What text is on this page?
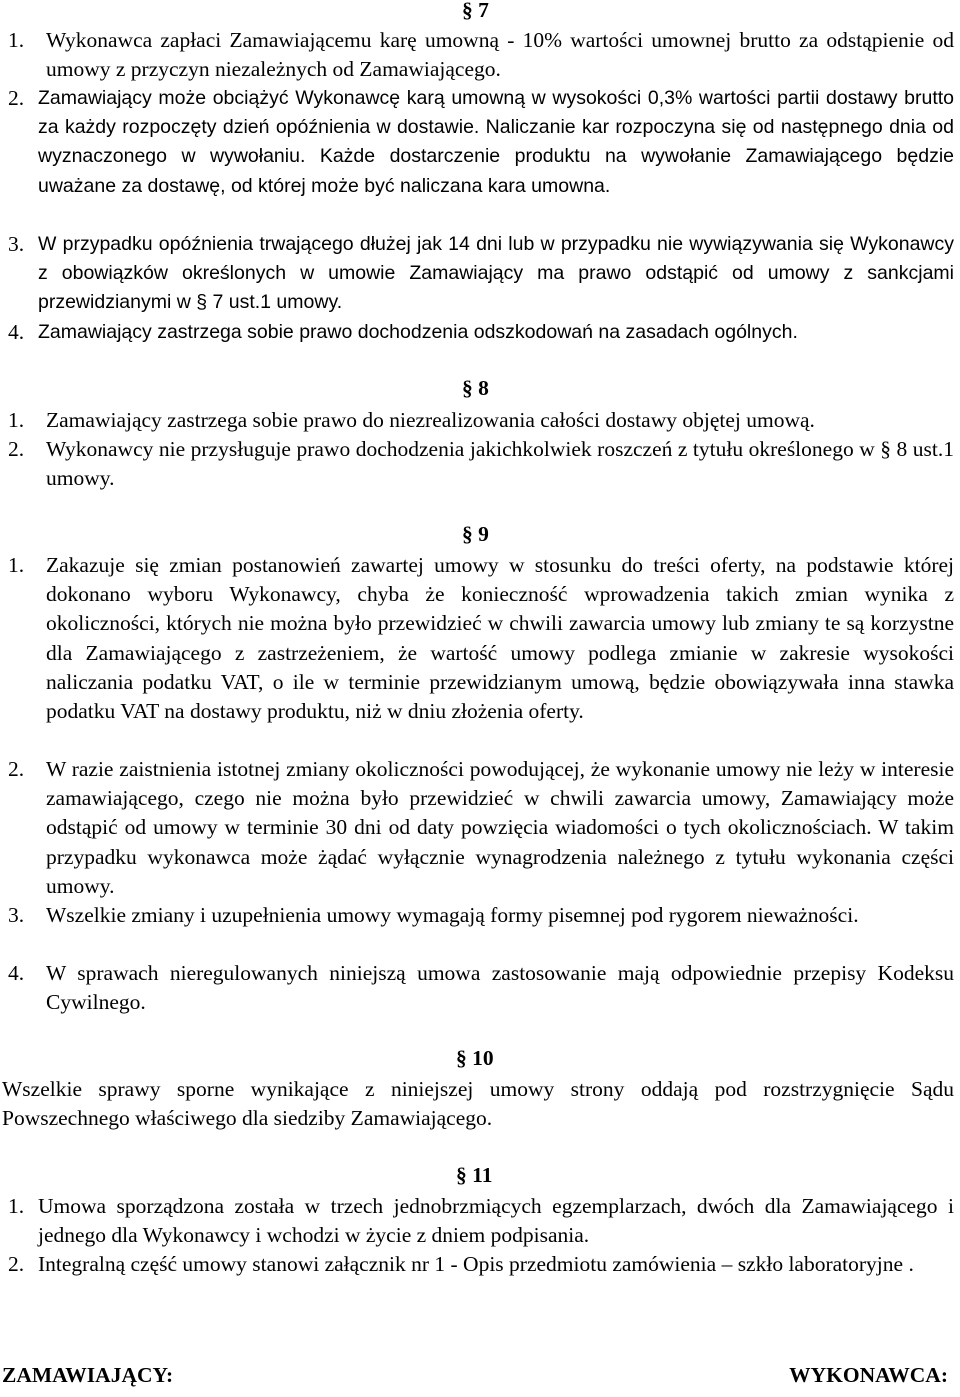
§ 7
1. Wykonawca zapłaci Zamawiającemu karę umowną - 10% wartości umownej brutto za odstąpienie od umowy z przyczyn niezależnych od Zamawiającego.
2. Zamawiający może obciążyć Wykonawcę karą umowną w wysokości 0,3% wartości partii dostawy brutto za każdy rozpoczęty dzień opóźnienia w dostawie. Naliczanie kar rozpoczyna się od następnego dnia od wyznaczonego w wywołaniu. Każde dostarczenie produktu na wywołanie Zamawiającego będzie uważane za dostawę, od której może być naliczana kara umowna.
3. W przypadku opóźnienia trwającego dłużej jak 14 dni lub w przypadku nie wywiązywania się Wykonawcy z obowiązków określonych w umowie Zamawiający ma prawo odstąpić od umowy z sankcjami przewidzianymi w § 7 ust.1 umowy.
4. Zamawiający zastrzega sobie prawo dochodzenia odszkodowań na zasadach ogólnych.
§ 8
1. Zamawiający zastrzega sobie prawo do niezrealizowania całości dostawy objętej umową.
2. Wykonawcy nie przysługuje prawo dochodzenia jakichkolwiek roszczeń z tytułu określonego w § 8 ust.1 umowy.
§ 9
1. Zakazuje się zmian postanowień zawartej umowy w stosunku do treści oferty, na podstawie której dokonano wyboru Wykonawcy, chyba że konieczność wprowadzenia takich zmian wynika z okoliczności, których nie można było przewidzieć w chwili zawarcia umowy lub zmiany te są korzystne dla Zamawiającego z zastrzeżeniem, że wartość umowy podlega zmianie w zakresie wysokości naliczania podatku VAT, o ile w terminie przewidzianym umową, będzie obowiązywała inna stawka podatku VAT na dostawy produktu, niż w dniu złożenia oferty.
2. W razie zaistnienia istotnej zmiany okoliczności powodującej, że wykonanie umowy nie leży w interesie zamawiającego, czego nie można było przewidzieć w chwili zawarcia umowy, Zamawiający może odstąpić od umowy w terminie 30 dni od daty powzięcia wiadomości o tych okolicznościach. W takim przypadku wykonawca może żądać wyłącznie wynagrodzenia należnego z tytułu wykonania części umowy.
3. Wszelkie zmiany i uzupełnienia umowy wymagają formy pisemnej pod rygorem nieważności.
4. W sprawach nieregulowanych niniejszą umowa zastosowanie mają odpowiednie przepisy Kodeksu Cywilnego.
§ 10
Wszelkie sprawy sporne wynikające z niniejszej umowy strony oddają pod rozstrzygnięcie Sądu Powszechnego właściwego dla siedziby Zamawiającego.
§ 11
1. Umowa sporządzona została w trzech jednobrzmiących egzemplarzach, dwóch dla Zamawiającego i jednego dla Wykonawcy i wchodzi w życie z dniem podpisania.
2. Integralną część umowy stanowi załącznik nr 1 - Opis przedmiotu zamówienia – szkło laboratoryjne .
ZAMAWIAJĄCY:	WYKONAWCA:
